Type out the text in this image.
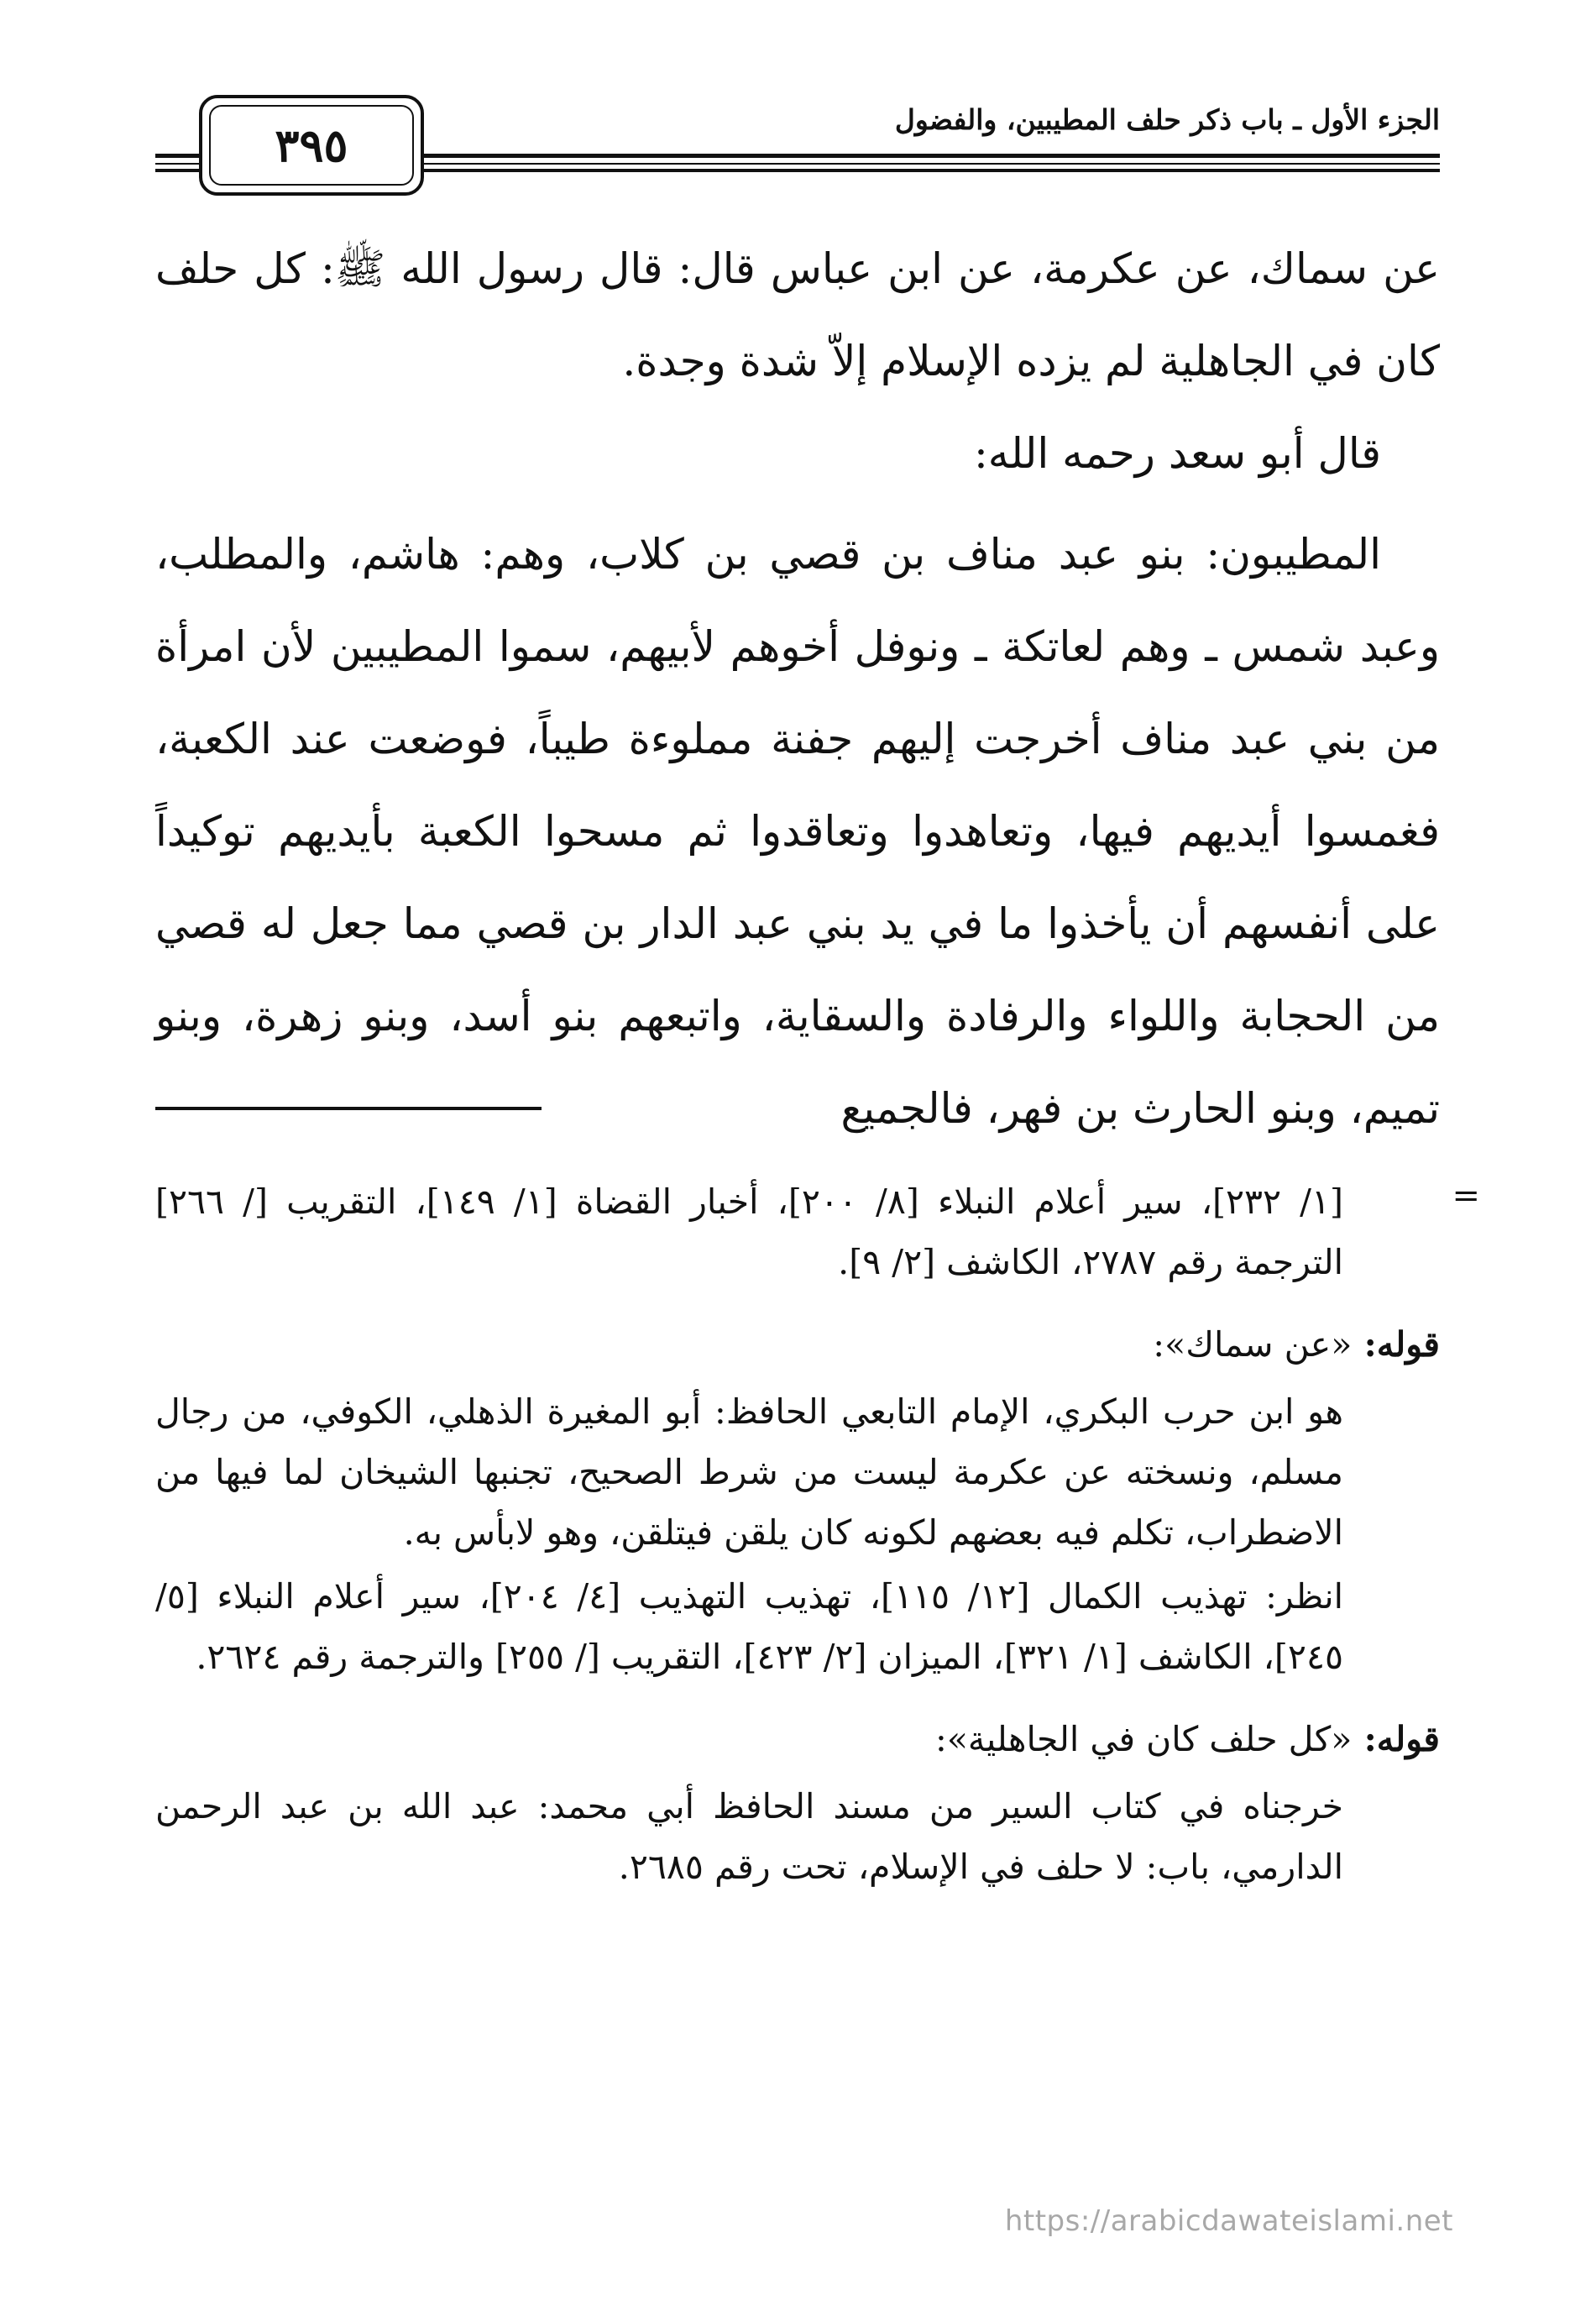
الجزء الأول ـ باب ذكر حلف المطيبين، والفضول
٣٩٥

عن سماك، عن عكرمة، عن ابن عباس قال: قال رسول الله ﷺ: كل حلف كان في الجاهلية لم يزده الإسلام إلاّ شدة وجدة.

قال أبو سعد رحمه الله:

المطيبون: بنو عبد مناف بن قصي بن كلاب، وهم: هاشم، والمطلب، وعبد شمس ـ وهم لعاتكة ـ ونوفل أخوهم لأبيهم، سموا المطيبين لأن امرأة من بني عبد مناف أخرجت إليهم جفنة مملوءة طيباً، فوضعت عند الكعبة، فغمسوا أيديهم فيها، وتعاهدوا وتعاقدوا ثم مسحوا الكعبة بأيديهم توكيداً على أنفسهم أن يأخذوا ما في يد بني عبد الدار بن قصي مما جعل له قصي من الحجابة واللواء والرفادة والسقاية، واتبعهم بنو أسد، وبنو زهرة، وبنو تميم، وبنو الحارث بن فهر، فالجميع

=

[١/ ٢٣٢]، سير أعلام النبلاء [٨/ ٢٠٠]، أخبار القضاة [١/ ١٤٩]، التقريب [/ ٢٦٦] الترجمة رقم ٢٧٨٧، الكاشف [٢/ ٩].

قوله: «عن سماك»:

هو ابن حرب البكري، الإمام التابعي الحافظ: أبو المغيرة الذهلي، الكوفي، من رجال مسلم، ونسخته عن عكرمة ليست من شرط الصحيح، تجنبها الشيخان لما فيها من الاضطراب، تكلم فيه بعضهم لكونه كان يلقن فيتلقن، وهو لابأس به.

انظر: تهذيب الكمال [١٢/ ١١٥]، تهذيب التهذيب [٤/ ٢٠٤]، سير أعلام النبلاء [٥/ ٢٤٥]، الكاشف [١/ ٣٢١]، الميزان [٢/ ٤٢٣]، التقريب [/ ٢٥٥] والترجمة رقم ٢٦٢٤.

قوله: «كل حلف كان في الجاهلية»:

خرجناه في كتاب السير من مسند الحافظ أبي محمد: عبد الله بن عبد الرحمن الدارمي، باب: لا حلف في الإسلام، تحت رقم ٢٦٨٥.

https://arabicdawateislami.net
